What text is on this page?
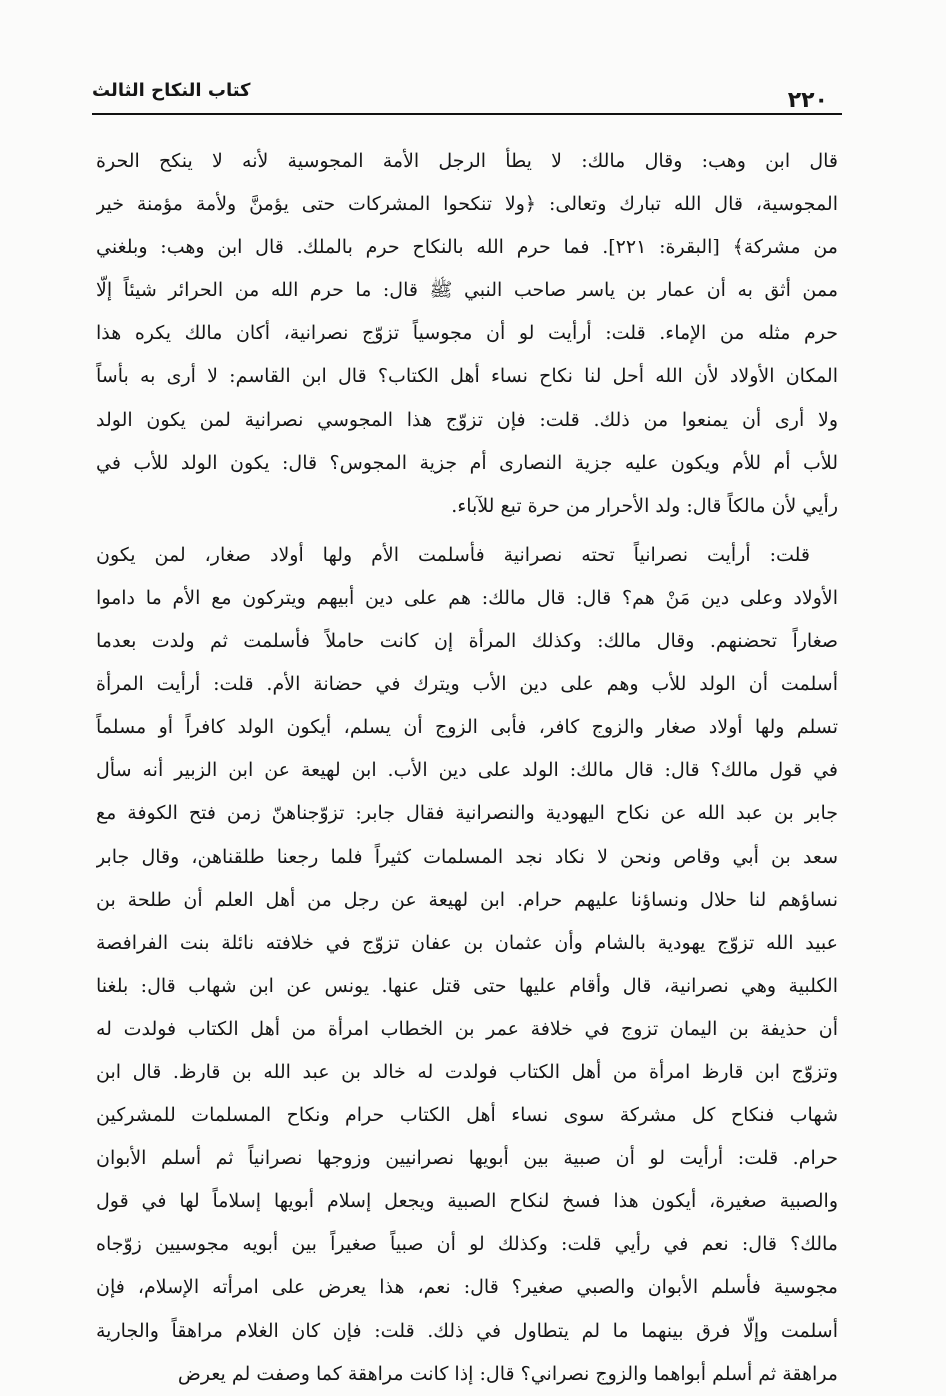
٢٢٠
كتاب النكاح الثالث
قال ابن وهب: وقال مالك: لا يطأ الرجل الأمة المجوسية لأنه لا ينكح الحرة
المجوسية، قال الله تبارك وتعالى: ﴿ولا تنكحوا المشركات حتى يؤمنَّ ولأمة مؤمنة خير
من مشركة﴾ [البقرة: ٢٢١]. فما حرم الله بالنكاح حرم بالملك. قال ابن وهب: وبلغني
ممن أثق به أن عمار بن ياسر صاحب النبي ﷺ قال: ما حرم الله من الحرائر شيئاً إلّا
حرم مثله من الإماء. قلت: أرأيت لو أن مجوسياً تزوّج نصرانية، أكان مالك يكره هذا
المكان الأولاد لأن الله أحل لنا نكاح نساء أهل الكتاب؟ قال ابن القاسم: لا أرى به بأساً
ولا أرى أن يمنعوا من ذلك. قلت: فإن تزوّج هذا المجوسي نصرانية لمن يكون الولد
للأب أم للأم ويكون عليه جزية النصارى أم جزية المجوس؟ قال: يكون الولد للأب في
رأيي لأن مالكاً قال: ولد الأحرار من حرة تبع للآباء.
قلت: أرأيت نصرانياً تحته نصرانية فأسلمت الأم ولها أولاد صغار، لمن يكون
الأولاد وعلى دين مَنْ هم؟ قال: قال مالك: هم على دين أبيهم ويتركون مع الأم ما داموا
صغاراً تحضنهم. وقال مالك: وكذلك المرأة إن كانت حاملاً فأسلمت ثم ولدت بعدما
أسلمت أن الولد للأب وهم على دين الأب ويترك في حضانة الأم. قلت: أرأيت المرأة
تسلم ولها أولاد صغار والزوج كافر، فأبى الزوج أن يسلم، أيكون الولد كافراً أو مسلماً
في قول مالك؟ قال: قال مالك: الولد على دين الأب. ابن لهيعة عن ابن الزبير أنه سأل
جابر بن عبد الله عن نكاح اليهودية والنصرانية فقال جابر: تزوّجناهنّ زمن فتح الكوفة مع
سعد بن أبي وقاص ونحن لا نكاد نجد المسلمات كثيراً فلما رجعنا طلقناهن، وقال جابر
نساؤهم لنا حلال ونساؤنا عليهم حرام. ابن لهيعة عن رجل من أهل العلم أن طلحة بن
عبيد الله تزوّج يهودية بالشام وأن عثمان بن عفان تزوّج في خلافته نائلة بنت الفرافصة
الكلبية وهي نصرانية، قال وأقام عليها حتى قتل عنها. يونس عن ابن شهاب قال: بلغنا
أن حذيفة بن اليمان تزوج في خلافة عمر بن الخطاب امرأة من أهل الكتاب فولدت له
وتزوّج ابن قارظ امرأة من أهل الكتاب فولدت له خالد بن عبد الله بن قارظ. قال ابن
شهاب فنكاح كل مشركة سوى نساء أهل الكتاب حرام ونكاح المسلمات للمشركين
حرام. قلت: أرأيت لو أن صبية بين أبويها نصرانيين وزوجها نصرانياً ثم أسلم الأبوان
والصبية صغيرة، أيكون هذا فسخ لنكاح الصبية ويجعل إسلام أبويها إسلاماً لها في قول
مالك؟ قال: نعم في رأيي قلت: وكذلك لو أن صبياً صغيراً بين أبويه مجوسيين زوّجاه
مجوسية فأسلم الأبوان والصبي صغير؟ قال: نعم، هذا يعرض على امرأته الإسلام، فإن
أسلمت وإلّا فرق بينهما ما لم يتطاول في ذلك. قلت: فإن كان الغلام مراهقاً والجارية
مراهقة ثم أسلم أبواهما والزوج نصراني؟ قال: إذا كانت مراهقة كما وصفت لم يعرض
